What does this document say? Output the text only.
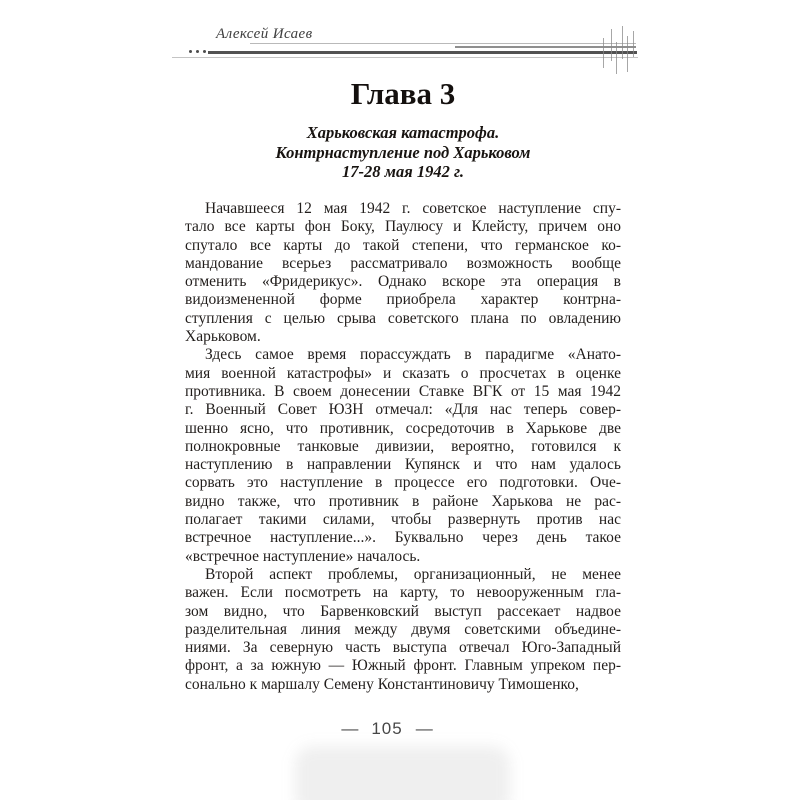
Алексей Исаев
Глава 3
Харьковская катастрофа.
Контрнаступление под Харьковом
17-28 мая 1942 г.
Начавшееся 12 мая 1942 г. советское наступление спу-
тало все карты фон Боку, Паулюсу и Клейсту, причем оно
спутало все карты до такой степени, что германское ко-
мандование всерьез рассматривало возможность вообще
отменить «Фридерикус». Однако вскоре эта операция в
видоизмененной форме приобрела характер контрна-
ступления с целью срыва советского плана по овладению
Харьковом.
Здесь самое время порассуждать в парадигме «Анато-
мия военной катастрофы» и сказать о просчетах в оценке
противника. В своем донесении Ставке ВГК от 15 мая 1942
г. Военный Совет ЮЗН отмечал: «Для нас теперь совер-
шенно ясно, что противник, сосредоточив в Харькове две
полнокровные танковые дивизии, вероятно, готовился к
наступлению в направлении Купянск и что нам удалось
сорвать это наступление в процессе его подготовки. Оче-
видно также, что противник в районе Харькова не рас-
полагает такими силами, чтобы развернуть против нас
встречное наступление...». Буквально через день такое
«встречное наступление» началось.
Второй аспект проблемы, организационный, не менее
важен. Если посмотреть на карту, то невооруженным гла-
зом видно, что Барвенковский выступ рассекает надвое
разделительная линия между двумя советскими объедине-
ниями. За северную часть выступа отвечал Юго-Западный
фронт, а за южную — Южный фронт. Главным упреком пер-
сонально к маршалу Семену Константиновичу Тимошенко,
— 105 —
